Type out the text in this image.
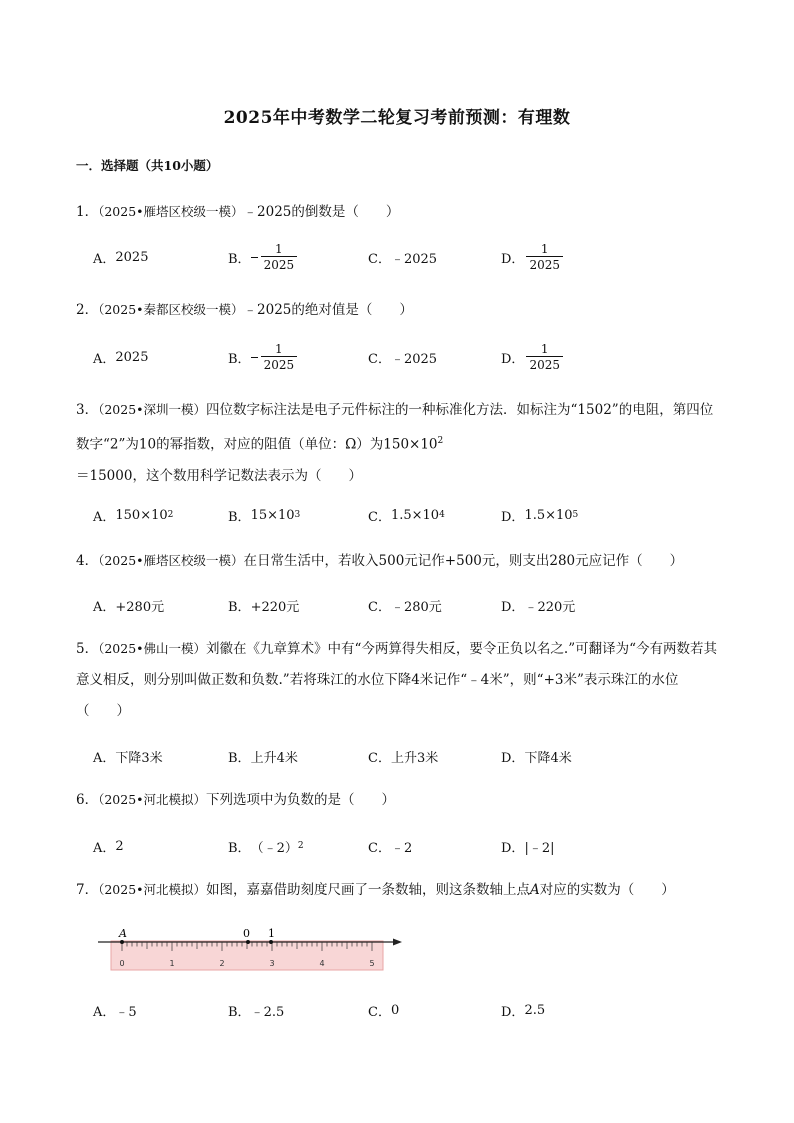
2025年中考数学二轮复习考前预测：有理数
一．选择题（共10小题）
1．（2025•雁塔区校级一模）﹣2025的倒数是（　　）
A． 2025	B． $\frac{1}{2025}$	C． ﹣2025	D． $\frac{1}{2025}$
2．（2025•秦都区校级一模）﹣2025的绝对值是（　　）
A． 2025	B． $\frac{1}{2025}$	C． ﹣2025	D． $\frac{1}{2025}$
3．（2025•深圳一模）四位数字标注法是电子元件标注的一种标准化方法．如标注为“1502”的电阻，第四位数字“2”为10的幂指数，对应的阻值（单位：Ω）为$150\times 10^2=15000$，这个数用科学记数法表示为（　　）
A． 150×10 2	B． 15×10 3	C． 1.5×10 4	D． 1.5×10 5
4．（2025•雁塔区校级一模）在日常生活中，若收入500元记作+500元，则支出280元应记作（　　）
A． +280元	B． +220元	C． ﹣280元	D． ﹣220元
5．（2025•佛山一模）刘徽在《九章算术》中有“今两算得失相反，要令正负以名之.”可翻译为“今有两数若其意义相反，则分别叫做正数和负数.”若将珠江的水位下降4米记作“﹣4米”，则“+3米”表示珠江的水位（　　）
A． 下降3米	B． 上升4米	C． 上升3米	D． 下降4米
6．（2025•河北模拟）下列选项中为负数的是（　　）
A． 2	B． （﹣2） 2	C． ﹣2	D． |﹣2|
7．（2025•河北模拟）如图，嘉嘉借助刻度尺画了一条数轴，则这条数轴上点A对应的实数为（　　）
A	0 1
0	1	2	3	4	5
A． ﹣5	B． ﹣2.5	C． 0	D． 2.5
